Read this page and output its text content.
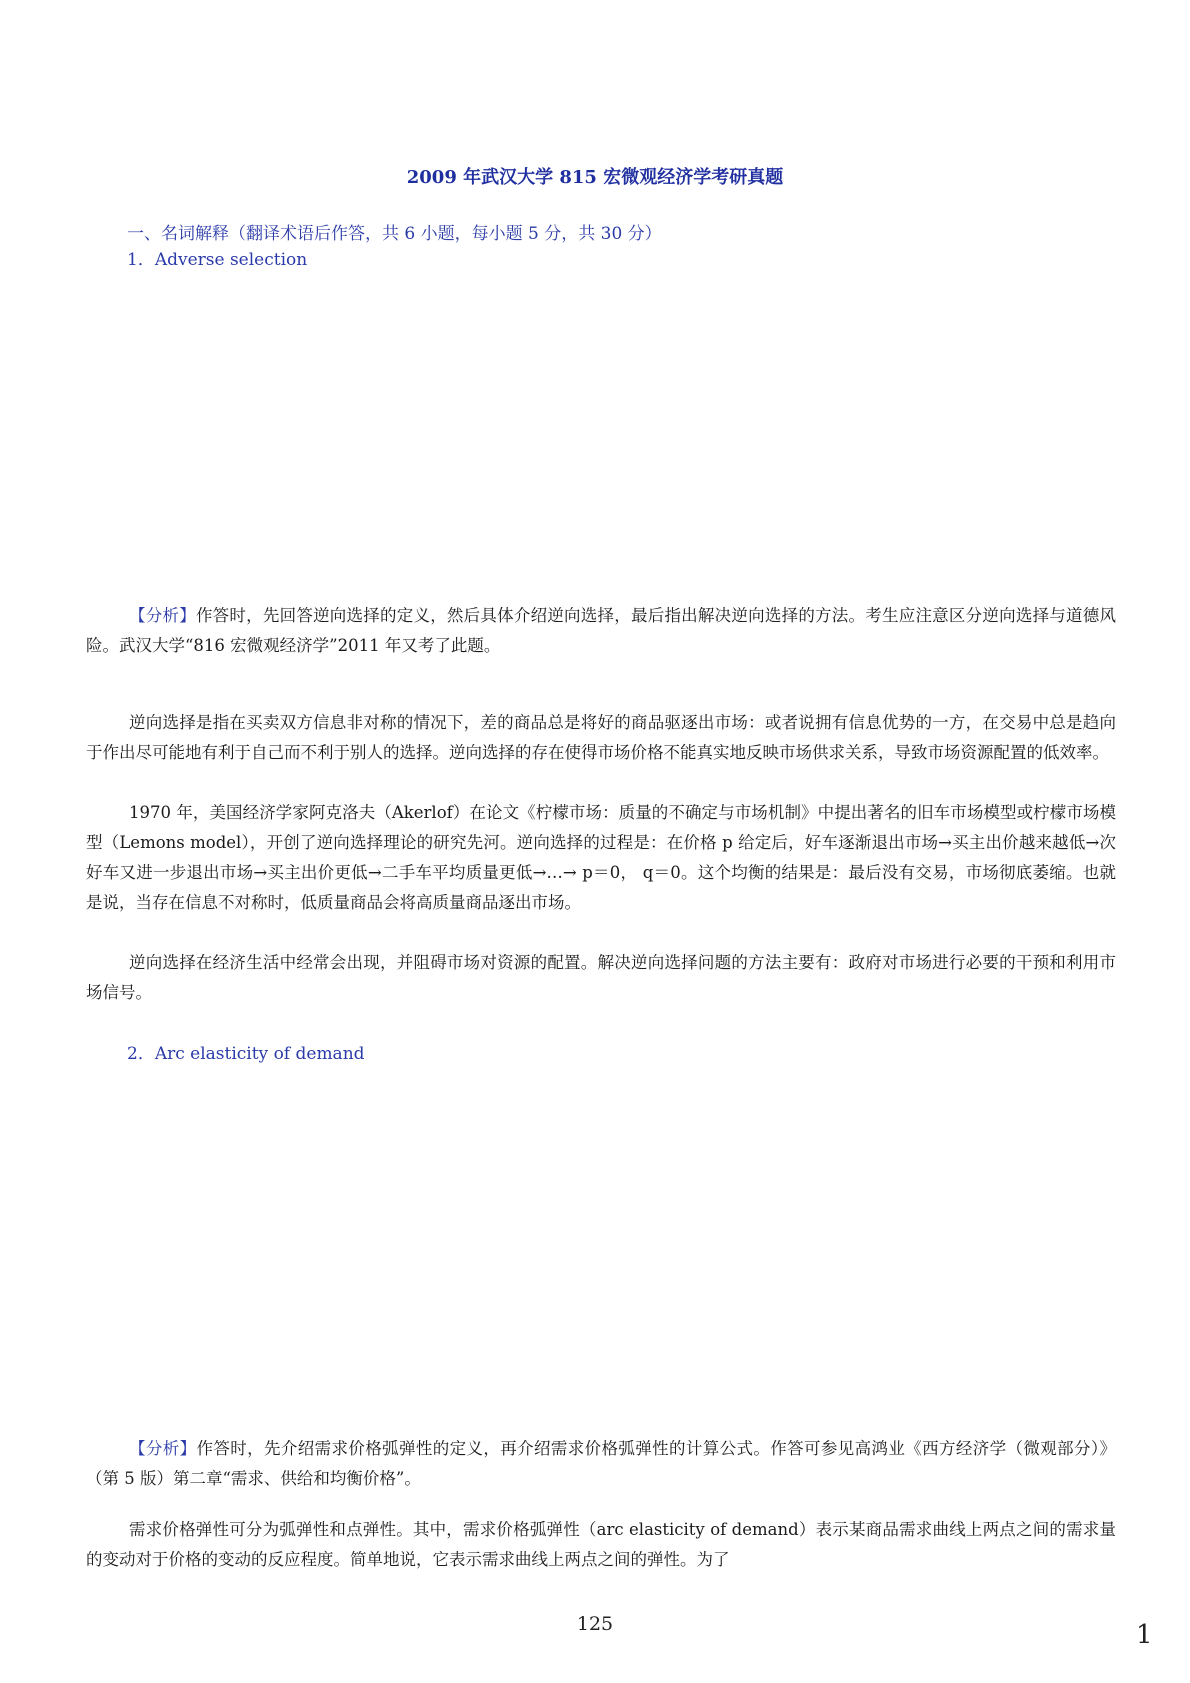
2009 年武汉大学 815 宏微观经济学考研真题
一、名词解释（翻译术语后作答，共 6 小题，每小题 5 分，共 30 分）
1．Adverse selection

【分析】作答时，先回答逆向选择的定义，然后具体介绍逆向选择，最后指出解决逆向选择的方法。考生应注意区分逆向选择与道德风险。武汉大学“816 宏微观经济学”2011 年又考了此题。

逆向选择是指在买卖双方信息非对称的情况下，差的商品总是将好的商品驱逐出市场：或者说拥有信息优势的一方，在交易中总是趋向于作出尽可能地有利于自己而不利于别人的选择。逆向选择的存在使得市场价格不能真实地反映市场供求关系，导致市场资源配置的低效率。

1970 年，美国经济学家阿克洛夫（Akerlof）在论文《柠檬市场：质量的不确定与市场机制》中提出著名的旧车市场模型或柠檬市场模型（Lemons model），开创了逆向选择理论的研究先河。逆向选择的过程是：在价格 p 给定后，好车逐渐退出市场→买主出价越来越低→次好车又进一步退出市场→买主出价更低→二手车平均质量更低→…→ p＝0， q＝0。这个均衡的结果是：最后没有交易，市场彻底萎缩。也就是说，当存在信息不对称时，低质量商品会将高质量商品逐出市场。

逆向选择在经济生活中经常会出现，并阻碍市场对资源的配置。解决逆向选择问题的方法主要有：政府对市场进行必要的干预和利用市场信号。

2．Arc elasticity of demand

【分析】作答时，先介绍需求价格弧弹性的定义，再介绍需求价格弧弹性的计算公式。作答可参见高鸿业《西方经济学（微观部分）》（第 5 版）第二章“需求、供给和均衡价格”。

需求价格弹性可分为弧弹性和点弹性。其中，需求价格弧弹性（arc elasticity of demand）表示某商品需求曲线上两点之间的需求量的变动对于价格的变动的反应程度。简单地说，它表示需求曲线上两点之间的弹性。为了

125	1
